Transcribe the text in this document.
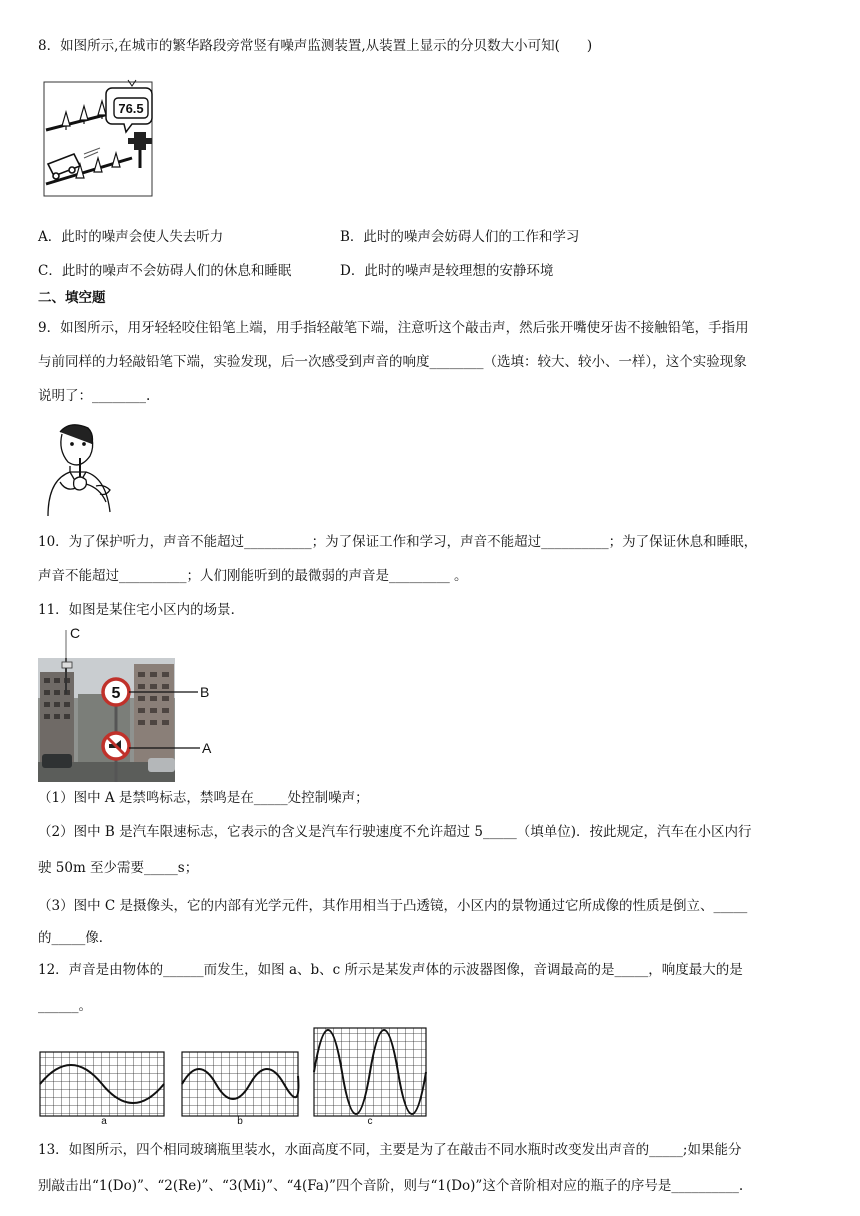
8．如图所示,在城市的繁华路段旁常竖有噪声监测装置,从装置上显示的分贝数大小可知(　　)
76.5
A．此时的噪声会使人失去听力	B．此时的噪声会妨碍人们的工作和学习
C．此时的噪声不会妨碍人们的休息和睡眠	D．此时的噪声是较理想的安静环境
二、填空题
9．如图所示，用牙轻轻咬住铅笔上端，用手指轻敲笔下端，注意听这个敲击声，然后张开嘴使牙齿不接触铅笔，手指用
与前同样的力轻敲铅笔下端，实验发现，后一次感受到声音的响度________（选填：较大、较小、一样），这个实验现象
说明了：________.
10．为了保护听力，声音不能超过__________；为了保证工作和学习，声音不能超过__________；为了保证休息和睡眠，
声音不能超过__________；人们刚能听到的最微弱的声音是_________ 。
11．如图是某住宅小区内的场景．
5
C
B
A
（1）图中 A 是禁鸣标志，禁鸣是在_____处控制噪声；
（2）图中 B 是汽车限速标志，它表示的含义是汽车行驶速度不允许超过 5_____（填单位)．按此规定，汽车在小区内行
驶 50m 至少需要_____s；
（3）图中 C 是摄像头，它的内部有光学元件，其作用相当于凸透镜，小区内的景物通过它所成像的性质是倒立、_____
的_____像．
12．声音是由物体的______而发生，如图 a、b、c 所示是某发声体的示波器图像，音调最高的是_____，响度最大的是
______。
a	b	c
13．如图所示，四个相同玻璃瓶里装水，水面高度不同，主要是为了在敲击不同水瓶时改变发出声音的_____;如果能分
别敲击出“1(Do)”、“2(Re)”、“3(Mi)”、“4(Fa)”四个音阶，则与“1(Do)”这个音阶相对应的瓶子的序号是__________.
